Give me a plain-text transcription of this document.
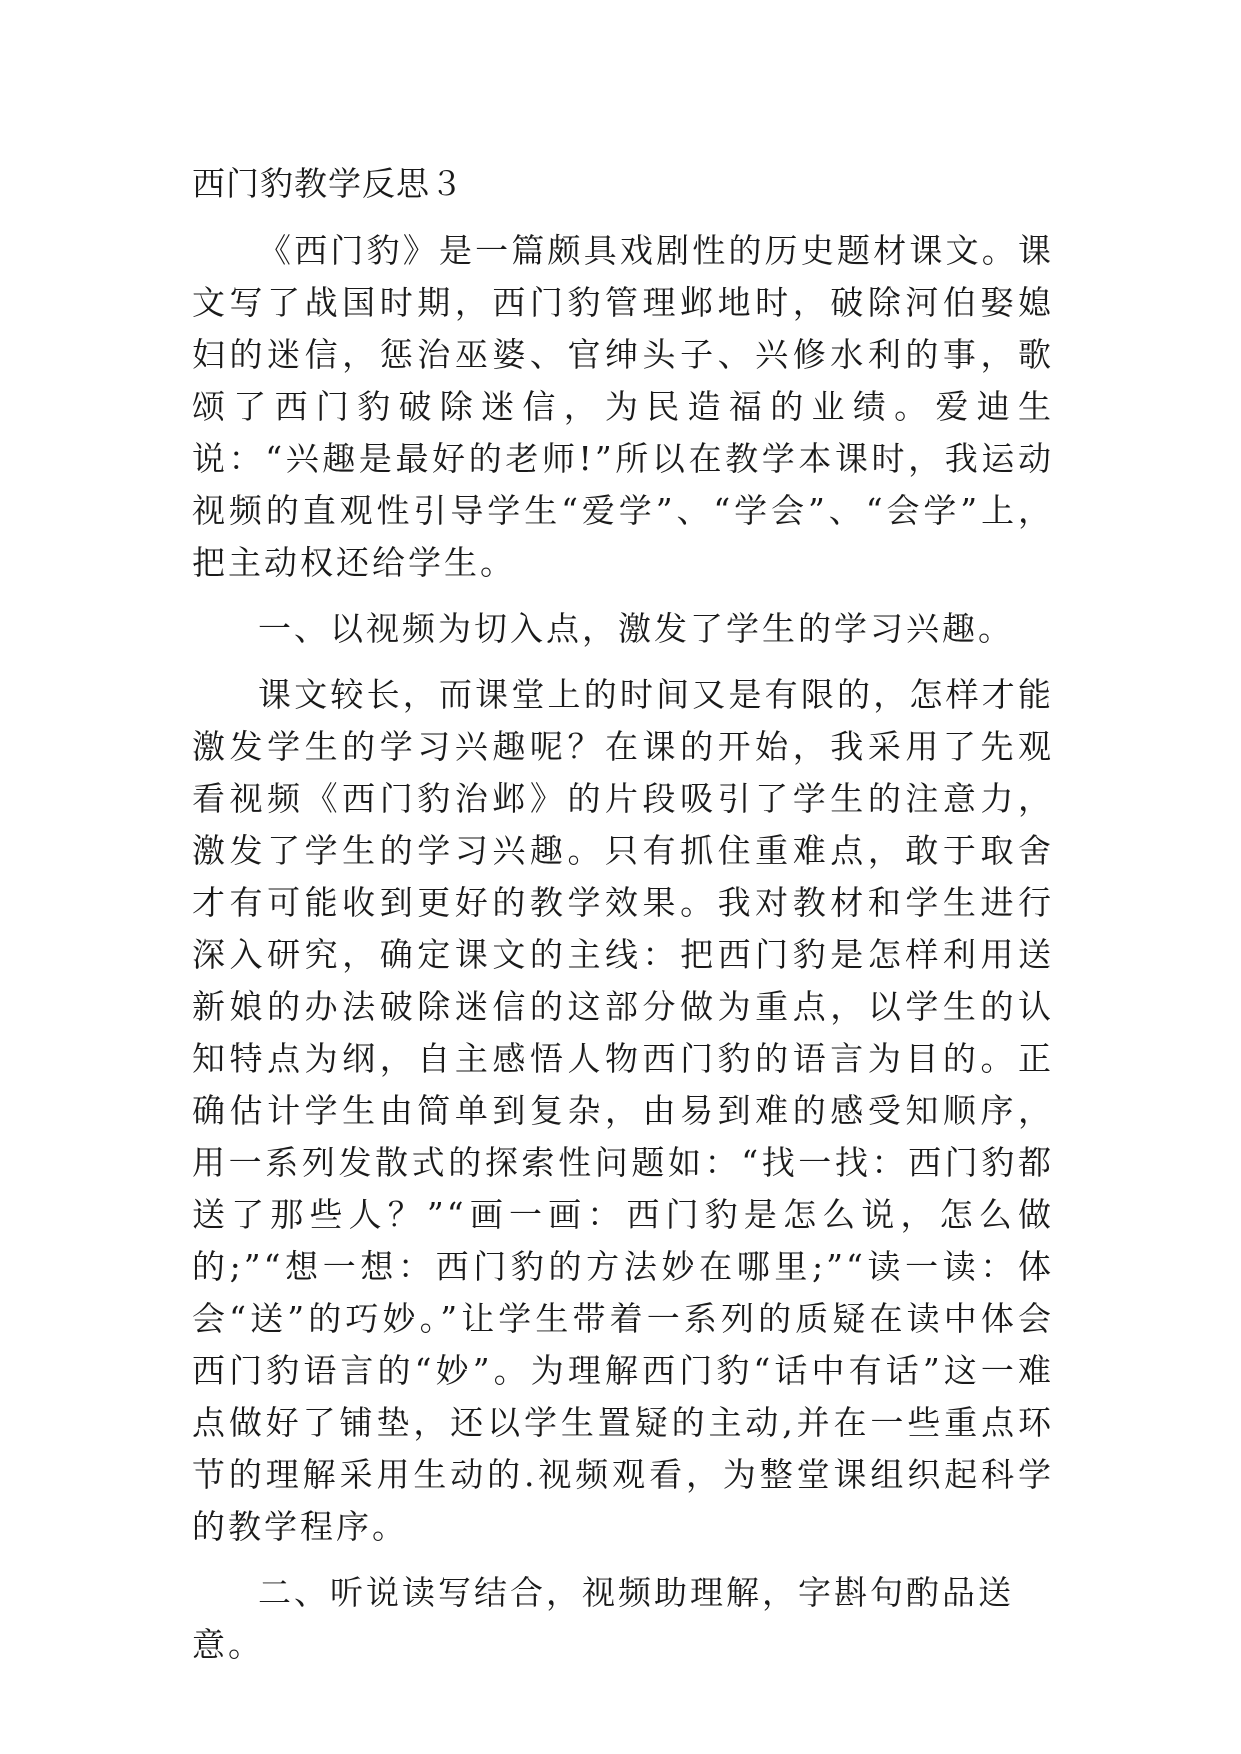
西门豹教学反思３

《西门豹》是一篇颇具戏剧性的历史题材课文。课文写了战国时期，西门豹管理邺地时，破除河伯娶媳妇的迷信，惩治巫婆、官绅头子、兴修水利的事，歌颂了西门豹破除迷信，为民造福的业绩。爱迪生说：“兴趣是最好的老师!”所以在教学本课时，我运动视频的直观性引导学生“爱学”、“学会”、“会学”上，把主动权还给学生。

一、以视频为切入点，激发了学生的学习兴趣。

课文较长，而课堂上的时间又是有限的，怎样才能激发学生的学习兴趣呢？在课的开始，我采用了先观看视频《西门豹治邺》的片段吸引了学生的注意力，激发了学生的学习兴趣。只有抓住重难点，敢于取舍才有可能收到更好的教学效果。我对教材和学生进行深入研究，确定课文的主线：把西门豹是怎样利用送新娘的办法破除迷信的这部分做为重点，以学生的认知特点为纲，自主感悟人物西门豹的语言为目的。正确估计学生由简单到复杂，由易到难的感受知顺序，用一系列发散式的探索性问题如：“找一找：西门豹都送了那些人？”“画一画：西门豹是怎么说，怎么做的;”“想一想：西门豹的方法妙在哪里;”“读一读：体会“送”的巧妙。”让学生带着一系列的质疑在读中体会西门豹语言的“妙”。为理解西门豹“话中有话”这一难点做好了铺垫，还以学生置疑的主动,并在一些重点环节的理解采用生动的.视频观看，为整堂课组织起科学的教学程序。

二、听说读写结合，视频助理解，字斟句酌品送意。
